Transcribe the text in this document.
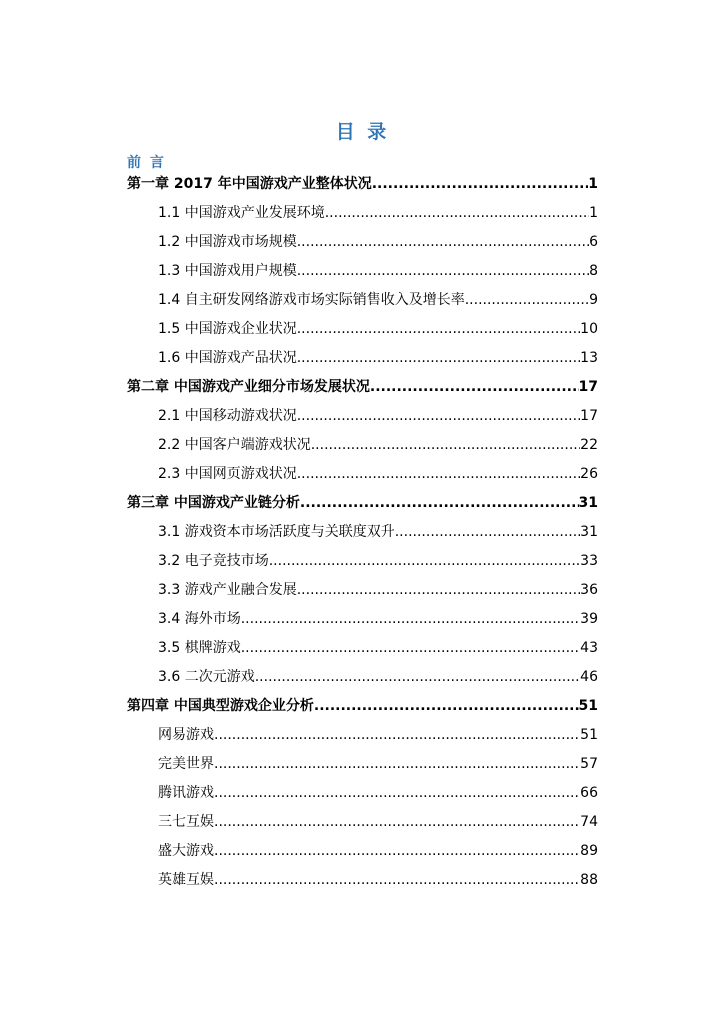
目 录
前 言
第一章 2017 年中国游戏产业整体状况 .....	1
1.1 中国游戏产业发展环境 .....	1
1.2 中国游戏市场规模 .....	6
1.3 中国游戏用户规模 .....	8
1.4 自主研发网络游戏市场实际销售收入及增长率 .....	9
1.5 中国游戏企业状况 .....	10
1.6 中国游戏产品状况 .....	13
第二章 中国游戏产业细分市场发展状况 .....	17
2.1 中国移动游戏状况 .....	17
2.2 中国客户端游戏状况 .....	22
2.3 中国网页游戏状况 .....	26
第三章 中国游戏产业链分析 .....	31
3.1 游戏资本市场活跃度与关联度双升 .....	31
3.2 电子竞技市场 .....	33
3.3 游戏产业融合发展 .....	36
3.4 海外市场 .....	39
3.5 棋牌游戏 .....	43
3.6 二次元游戏 .....	46
第四章 中国典型游戏企业分析 .....	51
网易游戏 .....	51
完美世界 .....	57
腾讯游戏 .....	66
三七互娱 .....	74
盛大游戏 .....	89
英雄互娱 .....	88
